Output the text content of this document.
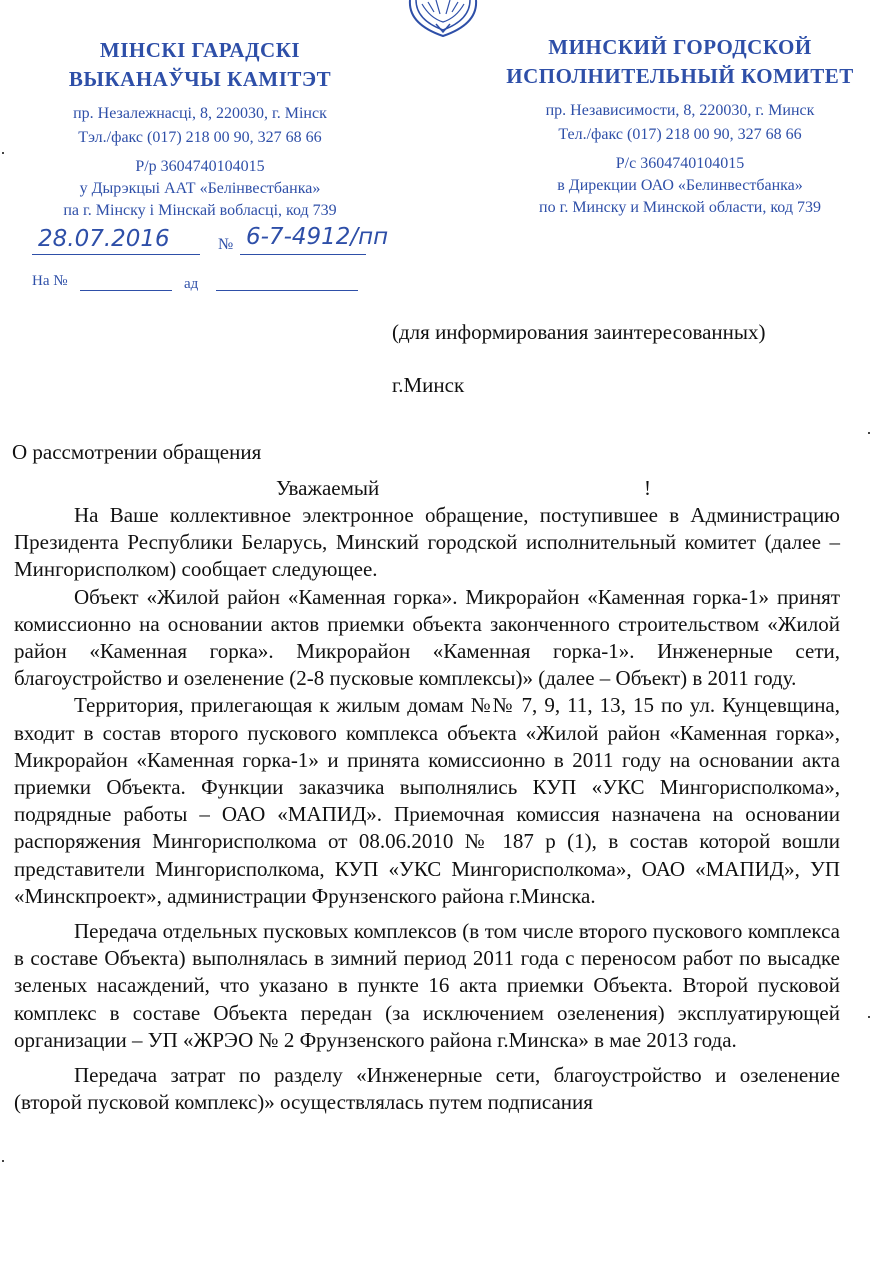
МІНСКІ ГАРАДСКІ
ВЫКАНАЎЧЫ КАМІТЭТ
пр. Незалежнасці, 8, 220030, г. Мінск
Тэл./факс (017) 218 00 90, 327 68 66
Р/р 3604740104015
у Дырэкцыі ААТ «Белінвестбанка»
па г. Мінску і Мінскай вобласці, код 739
МИНСКИЙ ГОРОДСКОЙ
ИСПОЛНИТЕЛЬНЫЙ КОМИТЕТ
пр. Независимости, 8, 220030, г. Минск
Тел./факс (017) 218 00 90, 327 68 66
Р/с 3604740104015
в Дирекции ОАО «Белинвестбанка»
по г. Минску и Минской области, код 739
28.07.2016	№ 6-7-4912/пп
На №	ад
(для информирования заинтересованных)
г.Минск
О рассмотрении обращения
Уважаемый	!

На Ваше коллективное электронное обращение, поступившее в Администрацию Президента Республики Беларусь, Минский городской исполнительный комитет (далее – Мингорисполком) сообщает следующее.

Объект «Жилой район «Каменная горка». Микрорайон «Каменная горка-1» принят комиссионно на основании актов приемки объекта законченного строительством «Жилой район «Каменная горка». Микрорайон «Каменная горка-1». Инженерные сети, благоустройство и озеленение (2-8 пусковые комплексы)» (далее – Объект) в 2011 году.

Территория, прилегающая к жилым домам №№ 7, 9, 11, 13, 15 по ул. Кунцевщина, входит в состав второго пускового комплекса объекта «Жилой район «Каменная горка», Микрорайон «Каменная горка-1» и принята комиссионно в 2011 году на основании акта приемки Объекта. Функции заказчика выполнялись КУП «УКС Мингорисполкома», подрядные работы – ОАО «МАПИД». Приемочная комиссия назначена на основании распоряжения Мингорисполкома от 08.06.2010 № 187 р (1), в состав которой вошли представители Мингорисполкома, КУП «УКС Мингорисполкома», ОАО «МАПИД», УП «Минскпроект», администрации Фрунзенского района г.Минска.

Передача отдельных пусковых комплексов (в том числе второго пускового комплекса в составе Объекта) выполнялась в зимний период 2011 года с переносом работ по высадке зеленых насаждений, что указано в пункте 16 акта приемки Объекта. Второй пусковой комплекс в составе Объекта передан (за исключением озеленения) эксплуатирующей организации – УП «ЖРЭО № 2 Фрунзенского района г.Минска» в мае 2013 года.

Передача затрат по разделу «Инженерные сети, благоустройство и озеленение (второй пусковой комплекс)» осуществлялась путем подписания
